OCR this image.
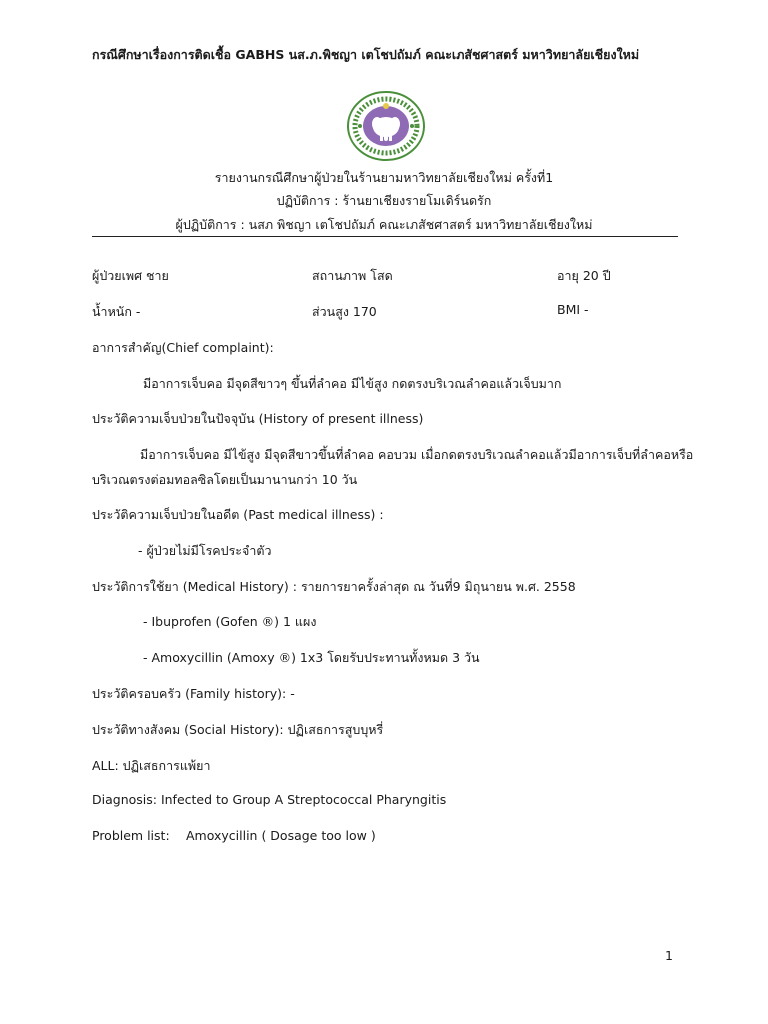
กรณีศึกษาเรื่องการติดเชื้อ GABHS นส.ภ.พิชญา เตโชปถัมภ์ คณะเภสัชศาสตร์ มหาวิทยาลัยเชียงใหม่
รายงานกรณีศึกษาผู้ป่วยในร้านยามหาวิทยาลัยเชียงใหม่ ครั้งที่1
ปฏิบัติการ : ร้านยาเชียงรายโมเดิร์นดรัก
ผู้ปฏิบัติการ : นสภ พิชญา เตโชปถัมภ์ คณะเภสัชศาสตร์ มหาวิทยาลัยเชียงใหม่
ผู้ป่วยเพศ ชาย	สถานภาพ โสด	อายุ 20 ปี
น้ำหนัก -	ส่วนสูง 170	BMI -
อาการสำคัญ(Chief complaint):
มีอาการเจ็บคอ มีจุดสีขาวๆ ขึ้นที่ลำคอ มีไข้สูง กดตรงบริเวณลำคอแล้วเจ็บมาก
ประวัติความเจ็บป่วยในปัจจุบัน (History of present illness)
มีอาการเจ็บคอ มีไข้สูง มีจุดสีขาวขึ้นที่ลำคอ คอบวม เมื่อกดตรงบริเวณลำคอแล้วมีอาการเจ็บที่ลำคอหรือ
บริเวณตรงต่อมทอลซิลโดยเป็นมานานกว่า 10 วัน
ประวัติความเจ็บป่วยในอดีต (Past medical illness) :
- ผู้ป่วยไม่มีโรคประจำตัว
ประวัติการใช้ยา (Medical History) : รายการยาครั้งล่าสุด ณ วันที่9 มิถุนายน พ.ศ. 2558
- Ibuprofen (Gofen ®) 1 แผง
- Amoxycillin (Amoxy ®) 1x3 โดยรับประทานทั้งหมด 3 วัน
ประวัติครอบครัว (Family history): -
ประวัติทางสังคม (Social History): ปฏิเสธการสูบบุหรี่
ALL: ปฏิเสธการแพ้ยา
Diagnosis: Infected to Group A Streptococcal Pharyngitis
Problem list: Amoxycillin ( Dosage too low )
1
